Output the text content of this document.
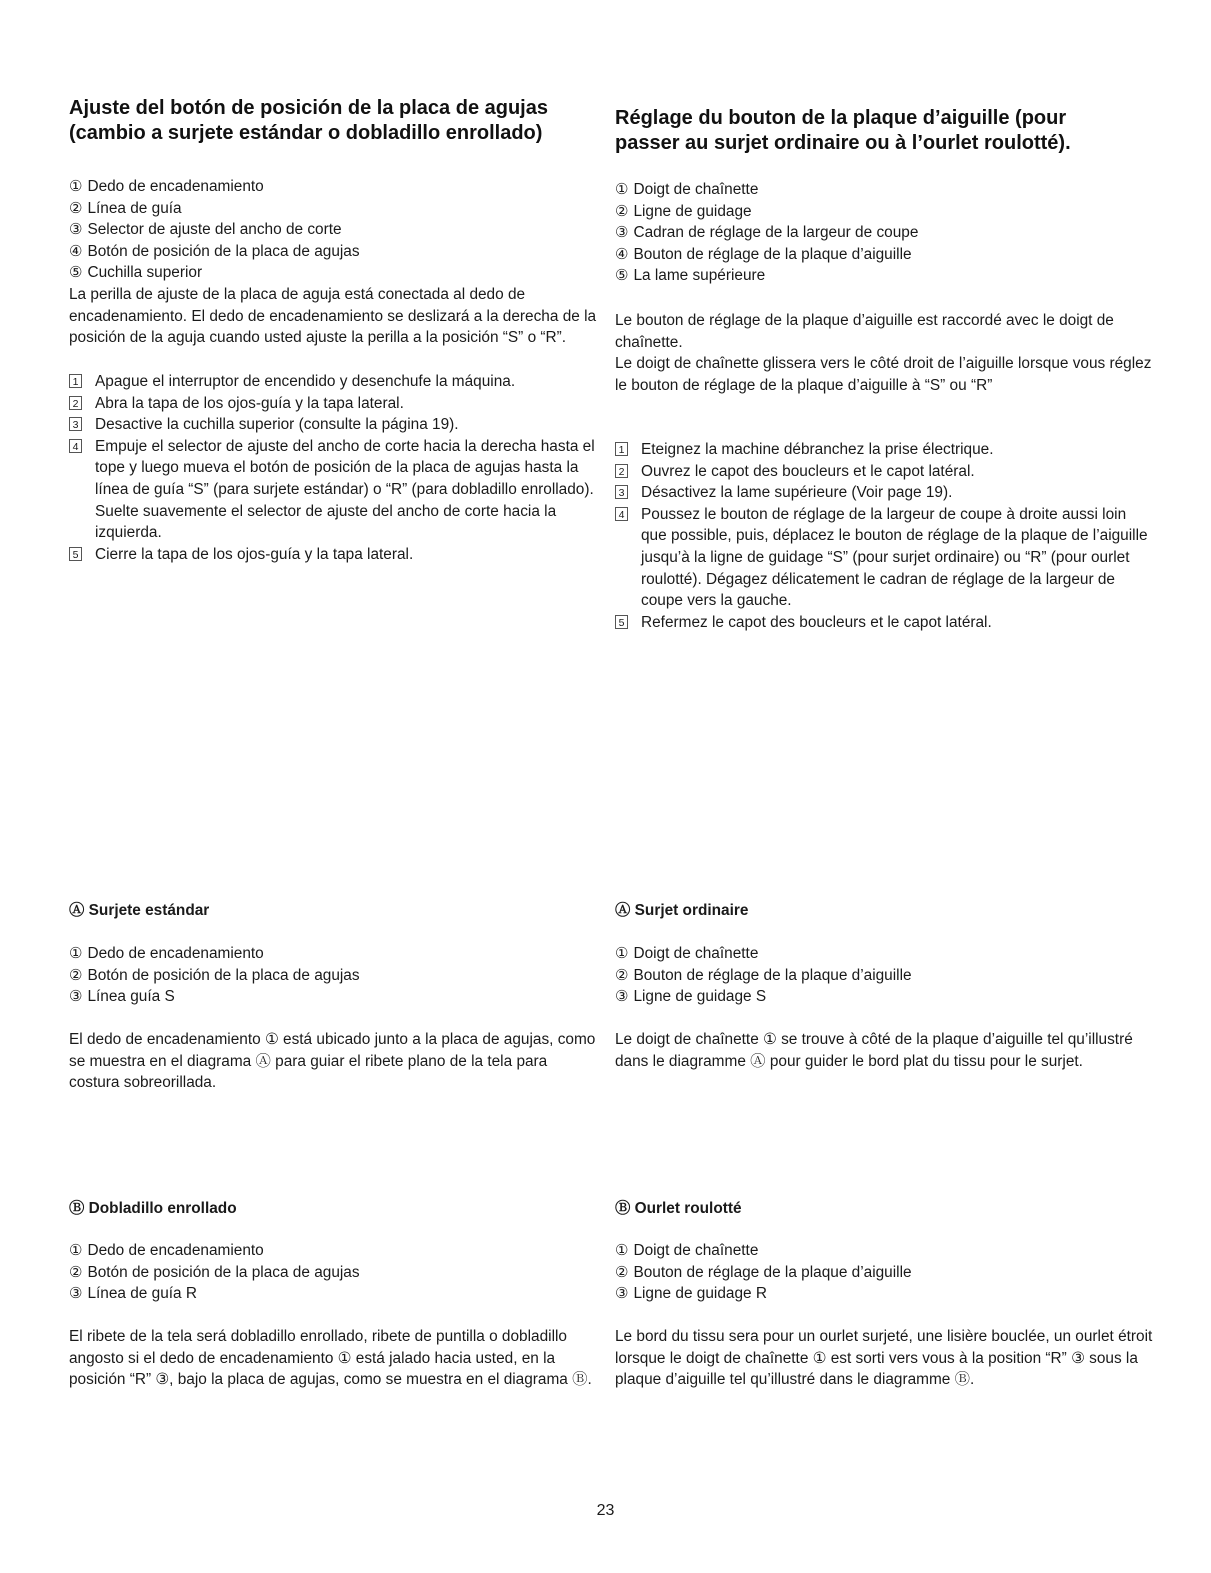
Ajuste del botón de posición de la placa de agujas
(cambio a surjete estándar o dobladillo enrollado)
① Dedo de encadenamiento
② Línea de guía
③ Selector de ajuste del ancho de corte
④ Botón de posición de la placa de agujas
⑤ Cuchilla superior

La perilla de ajuste de la placa de aguja está conectada al dedo de encadenamiento. El dedo de encadenamiento se deslizará a la derecha de la posición de la aguja cuando usted ajuste la perilla a la posición “S” o “R”.

1 Apague el interruptor de encendido y desenchufe la máquina.
2 Abra la tapa de los ojos-guía y la tapa lateral.
3 Desactive la cuchilla superior (consulte la página 19).
4 Empuje el selector de ajuste del ancho de corte hacia la derecha hasta el tope y luego mueva el botón de posición de la placa de agujas hasta la línea de guía “S” (para surjete estándar) o “R” (para dobladillo enrollado).
Suelte suavemente el selector de ajuste del ancho de corte hacia la izquierda.
5 Cierre la tapa de los ojos-guía y la tapa lateral.
Ⓐ Surjete estándar
① Dedo de encadenamiento
② Botón de posición de la placa de agujas
③ Línea guía S

El dedo de encadenamiento ① está ubicado junto a la placa de agujas, como se muestra en el diagrama Ⓐ para guiar el ribete plano de la tela para costura sobreorillada.

Ⓑ Dobladillo enrollado
① Dedo de encadenamiento
② Botón de posición de la placa de agujas
③ Línea de guía R

El ribete de la tela será dobladillo enrollado, ribete de puntilla o dobladillo angosto si el dedo de encadenamiento ① está jalado hacia usted, en la posición “R” ③, bajo la placa de agujas, como se muestra en el diagrama Ⓑ.

Réglage du bouton de la plaque d’aiguille (pour
passer au surjet ordinaire ou à l’ourlet roulotté).
① Doigt de chaînette
② Ligne de guidage
③ Cadran de réglage de la largeur de coupe
④ Bouton de réglage de la plaque d’aiguille
⑤ La lame supérieure

Le bouton de réglage de la plaque d’aiguille est raccordé avec le doigt de chaînette.

Le doigt de chaînette glissera vers le côté droit de l’aiguille lorsque vous réglez le bouton de réglage de la plaque d’aiguille à “S” ou “R”

1 Eteignez la machine débranchez la prise électrique.
2 Ouvrez le capot des boucleurs et le capot latéral.
3 Désactivez la lame supérieure (Voir page 19).
4 Poussez le bouton de réglage de la largeur de coupe à droite aussi loin que possible, puis, déplacez le bouton de réglage de la plaque de l’aiguille jusqu’à la ligne de guidage “S” (pour surjet ordinaire) ou “R” (pour ourlet roulotté). Dégagez délicatement le cadran de réglage de la largeur de coupe vers la gauche.
5 Refermez le capot des boucleurs et le capot latéral.
Ⓐ Surjet ordinaire
① Doigt de chaînette
② Bouton de réglage de la plaque d’aiguille
③ Ligne de guidage S

Le doigt de chaînette ① se trouve à côté de la plaque d’aiguille tel qu’illustré dans le diagramme Ⓐ pour guider le bord plat du tissu pour le surjet.

Ⓑ Ourlet roulotté
① Doigt de chaînette
② Bouton de réglage de la plaque d’aiguille
③ Ligne de guidage R

Le bord du tissu sera pour un ourlet surjeté, une lisière bouclée, un ourlet étroit lorsque le doigt de chaînette ① est sorti vers vous à la position “R” ③ sous la plaque d’aiguille tel qu’illustré dans le diagramme Ⓑ.

23
